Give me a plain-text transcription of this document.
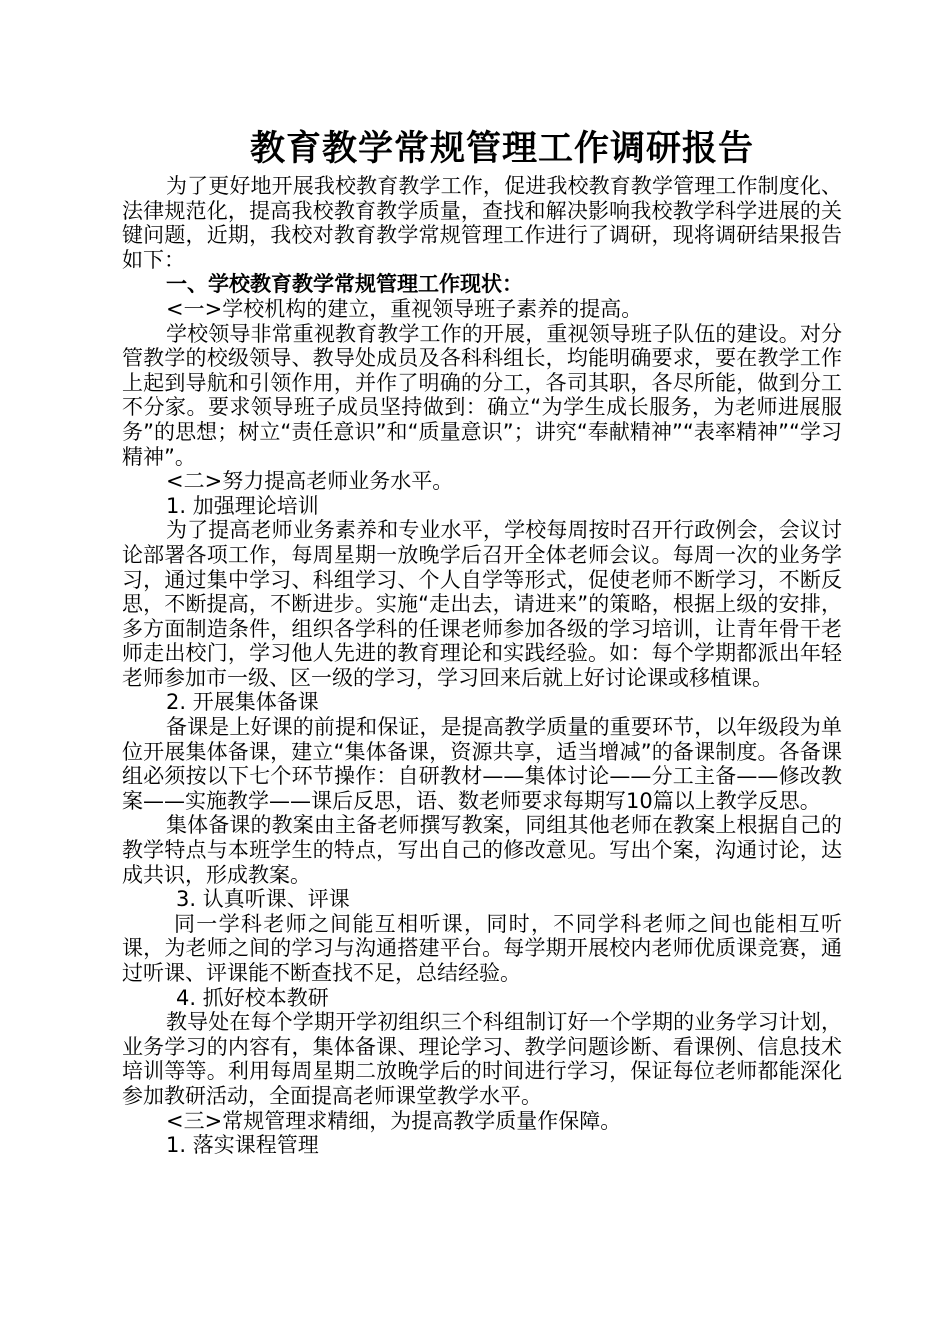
教育教学常规管理工作调研报告

为了更好地开展我校教育教学工作，促进我校教育教学管理工作制度化、法律规范化，提高我校教育教学质量，查找和解决影响我校教学科学进展的关键问题，近期，我校对教育教学常规管理工作进行了调研，现将调研结果报告如下：

一、学校教育教学常规管理工作现状：
<一>学校机构的建立，重视领导班子素养的提高。

学校领导非常重视教育教学工作的开展，重视领导班子队伍的建设。对分管教学的校级领导、教导处成员及各科科组长，均能明确要求，要在教学工作上起到导航和引领作用，并作了明确的分工，各司其职，各尽所能，做到分工不分家。要求领导班子成员坚持做到：确立“为学生成长服务，为老师进展服务”的思想；树立“责任意识”和“质量意识”；讲究“奉献精神”“表率精神”“学习精神”。

<二>努力提高老师业务水平。
1. 加强理论培训

为了提高老师业务素养和专业水平，学校每周按时召开行政例会，会议讨论部署各项工作，每周星期一放晚学后召开全体老师会议。每周一次的业务学习，通过集中学习、科组学习、个人自学等形式，促使老师不断学习，不断反思，不断提高，不断进步。实施“走出去，请进来”的策略，根据上级的安排，多方面制造条件，组织各学科的任课老师参加各级的学习培训，让青年骨干老师走出校门，学习他人先进的教育理论和实践经验。如：每个学期都派出年轻老师参加市一级、区一级的学习，学习回来后就上好讨论课或移植课。

2. 开展集体备课

备课是上好课的前提和保证，是提高教学质量的重要环节，以年级段为单位开展集体备课，建立“集体备课，资源共享，适当增减”的备课制度。各备课组必须按以下七个环节操作：自研教材——集体讨论——分工主备——修改教案——实施教学——课后反思，语、数老师要求每期写10篇以上教学反思。

集体备课的教案由主备老师撰写教案，同组其他老师在教案上根据自己的教学特点与本班学生的特点，写出自己的修改意见。写出个案，沟通讨论，达成共识，形成教案。

3. 认真听课、评课

同一学科老师之间能互相听课，同时，不同学科老师之间也能相互听课，为老师之间的学习与沟通搭建平台。每学期开展校内老师优质课竞赛，通过听课、评课能不断查找不足，总结经验。

4. 抓好校本教研

教导处在每个学期开学初组织三个科组制订好一个学期的业务学习计划，业务学习的内容有，集体备课、理论学习、教学问题诊断、看课例、信息技术培训等等。利用每周星期二放晚学后的时间进行学习，保证每位老师都能深化参加教研活动，全面提高老师课堂教学水平。

<三>常规管理求精细，为提高教学质量作保障。
1. 落实课程管理
